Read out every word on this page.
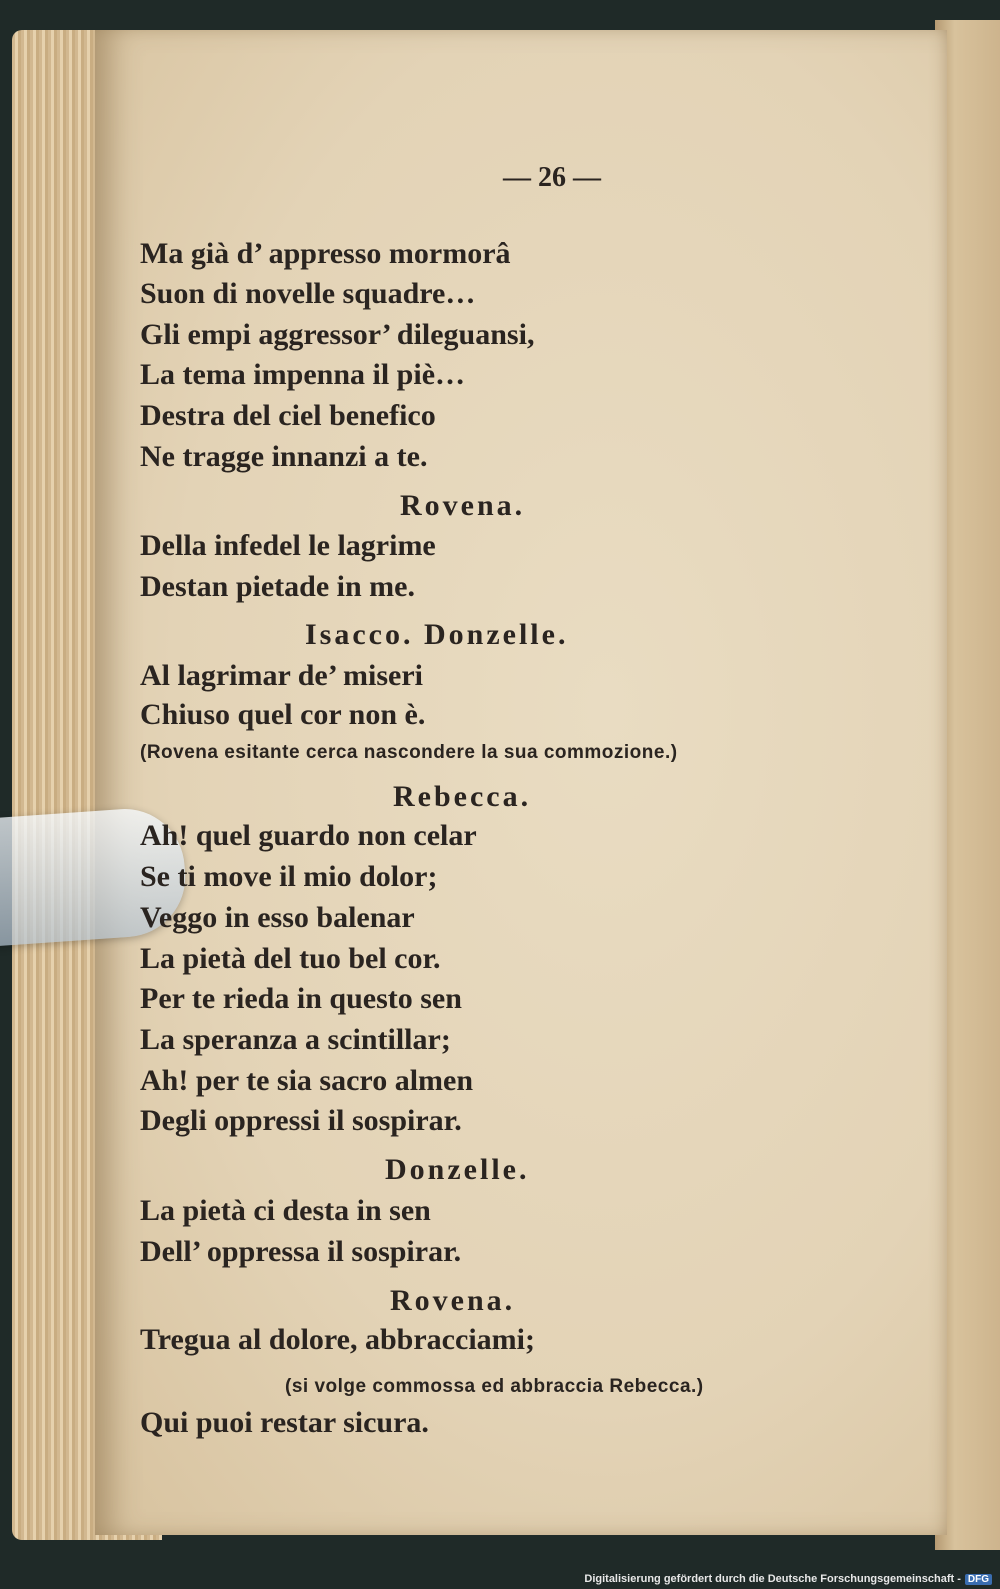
— 26 —
Ma già d’ appresso mormorâ
Suon di novelle squadre…
Gli empi aggressor’ dileguansi,
La tema impenna il piè…
Destra del ciel benefico
Ne tragge innanzi a te.
Rovena.
Della infedel le lagrime
Destan pietade in me.
Isacco. Donzelle.
Al lagrimar de’ miseri
Chiuso quel cor non è.
(Rovena esitante cerca nascondere la sua commozione.)
Rebecca.
Ah! quel guardo non celar
Se ti move il mio dolor;
Veggo in esso balenar
La pietà del tuo bel cor.
Per te rieda in questo sen
La speranza a scintillar;
Ah! per te sia sacro almen
Degli oppressi il sospirar.
Donzelle.
La pietà ci desta in sen
Dell’ oppressa il sospirar.
Rovena.
Tregua al dolore, abbracciami;
(si volge commossa ed abbraccia Rebecca.)
Qui puoi restar sicura.
Digitalisierung gefördert durch die Deutsche Forschungsgemeinschaft - DFG
